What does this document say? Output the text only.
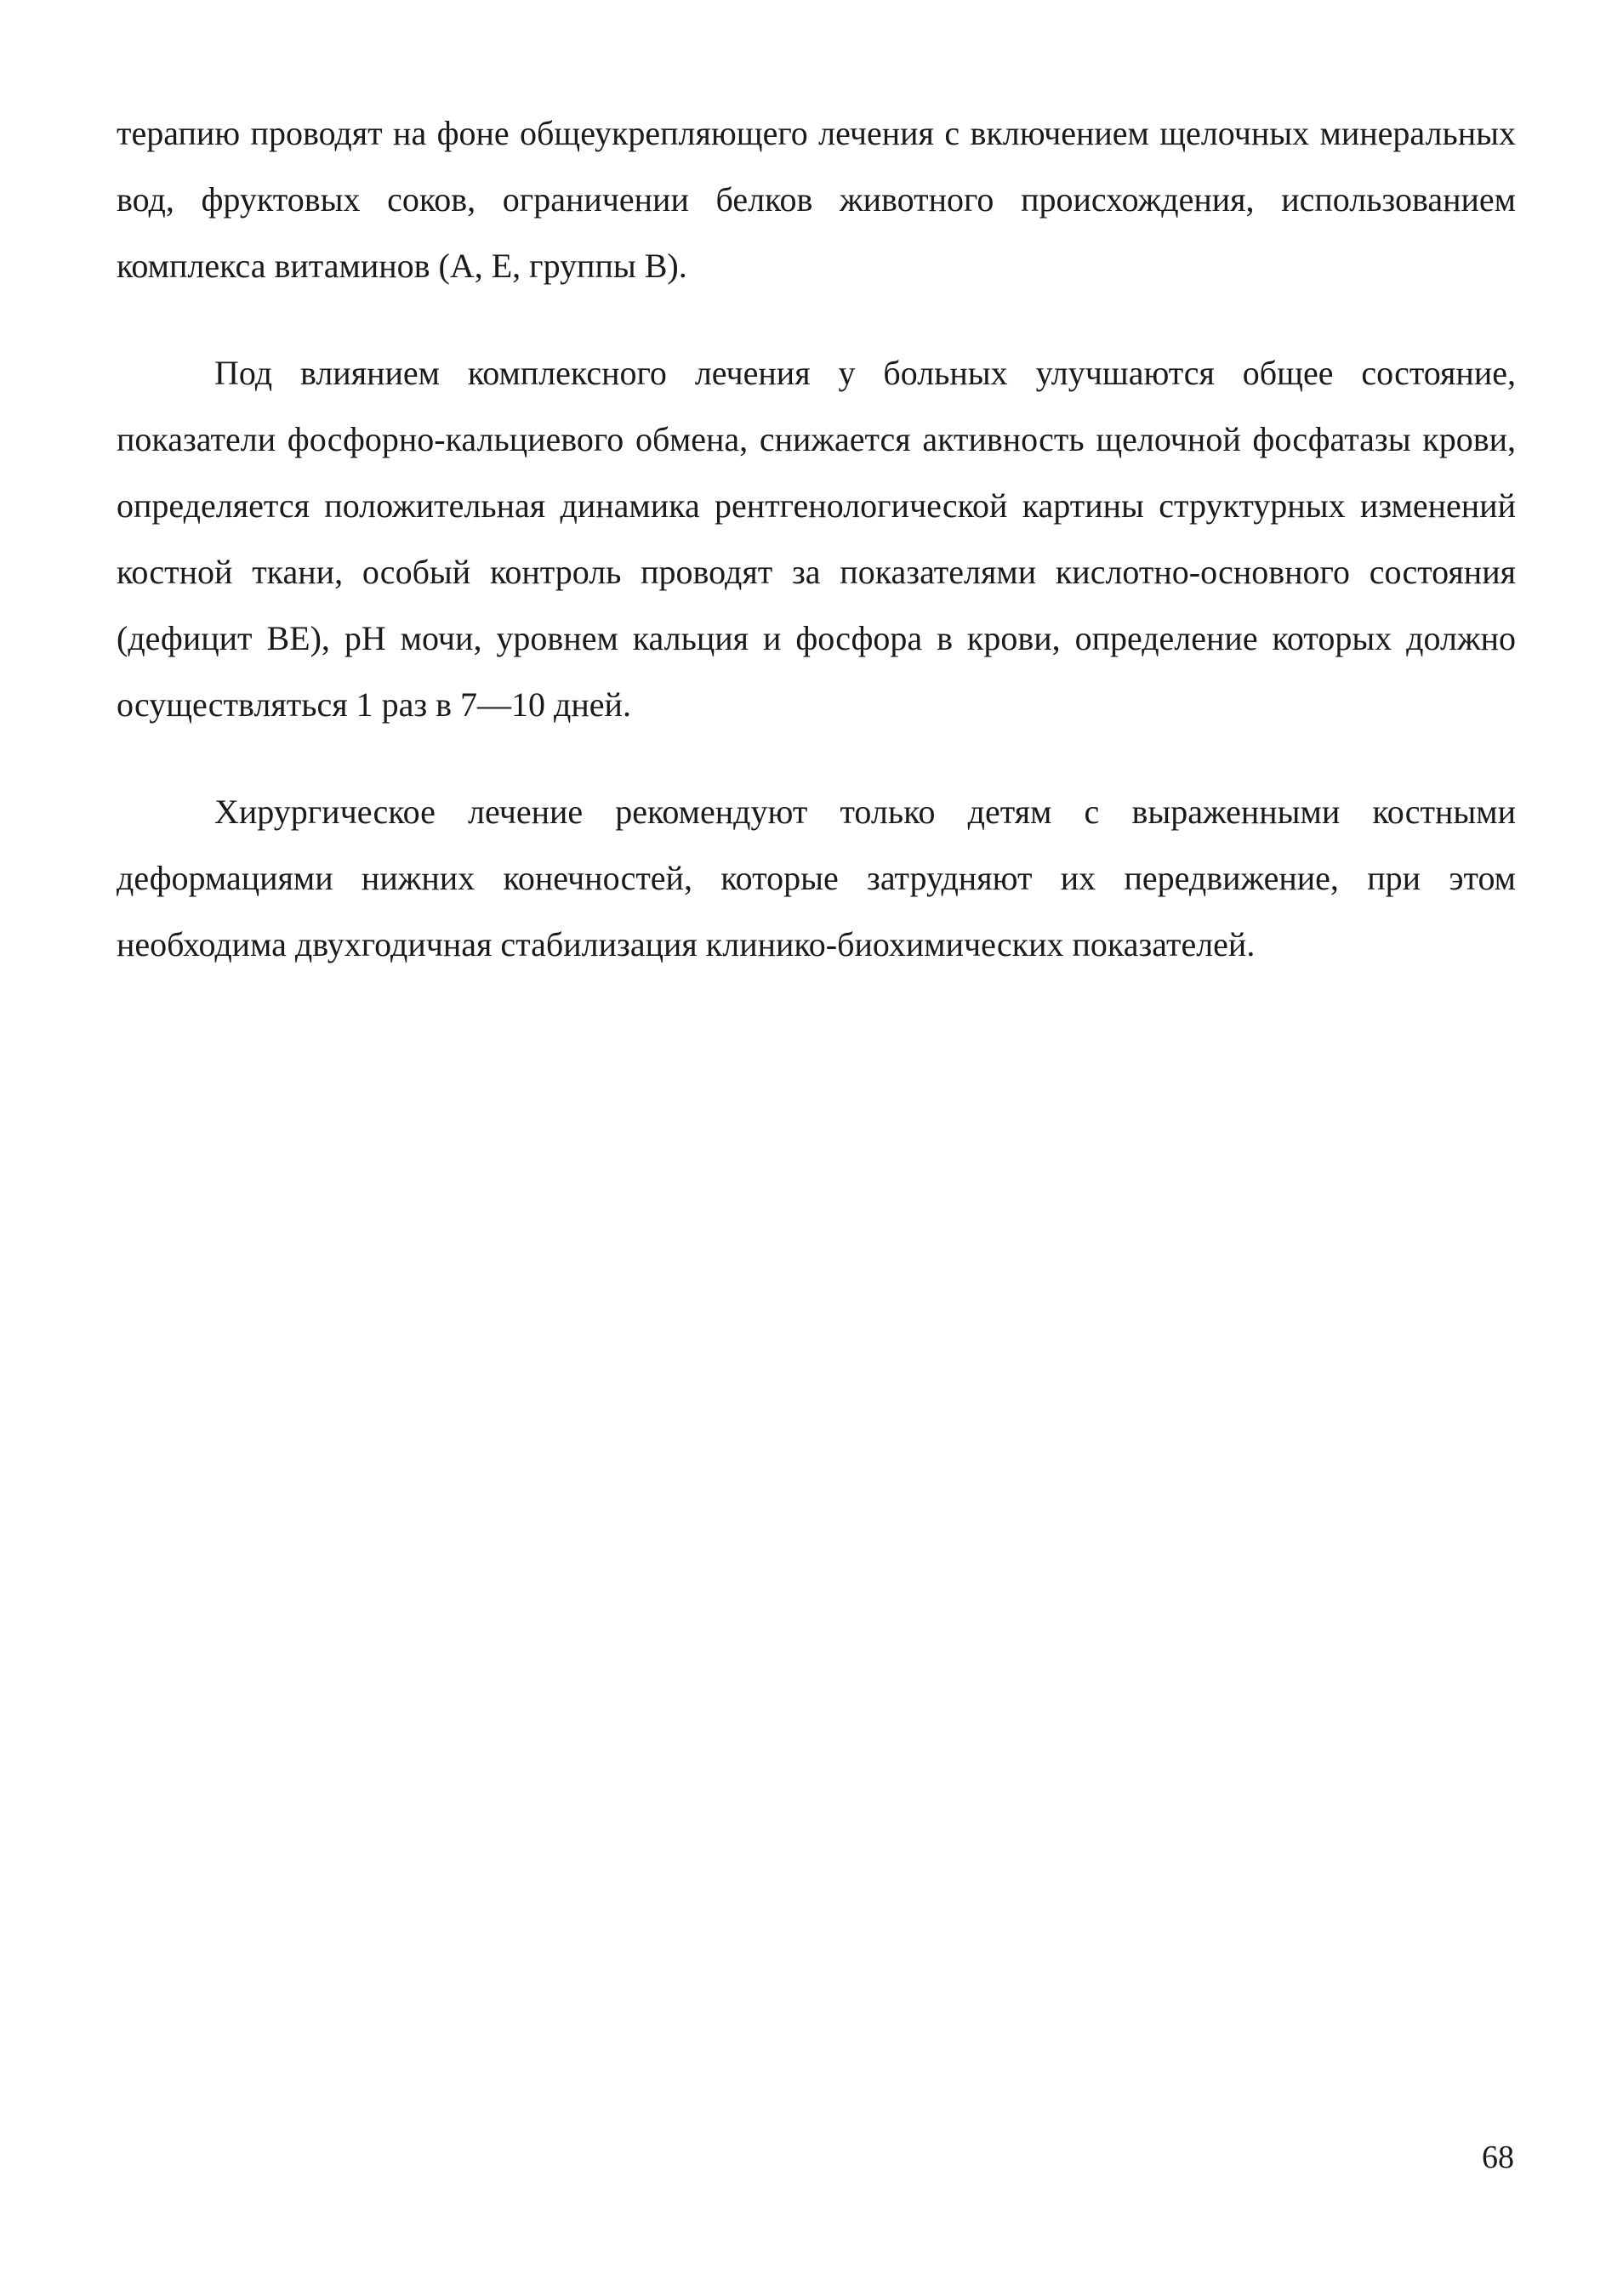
терапию проводят на фоне общеукрепляющего лечения с включением щелочных минеральных вод, фруктовых соков, ограничении белков животного происхождения, использованием комплекса витаминов (А, Е, группы В).

Под влиянием комплексного лечения у больных улучшаются общее состояние, показатели фосфорно-кальциевого обмена, снижается активность щелочной фосфатазы крови, определяется положительная динамика рентгенологической картины структурных изменений костной ткани, особый контроль проводят за показателями кислотно-основного состояния (дефицит ВЕ), рН мочи, уровнем кальция и фосфора в крови, определение которых должно осуществляться 1 раз в 7—10 дней.

Хирургическое лечение рекомендуют только детям с выраженными костными деформациями нижних конечностей, которые затрудняют их передвижение, при этом необходима двухгодичная стабилизация клинико-биохимических показателей.

68
